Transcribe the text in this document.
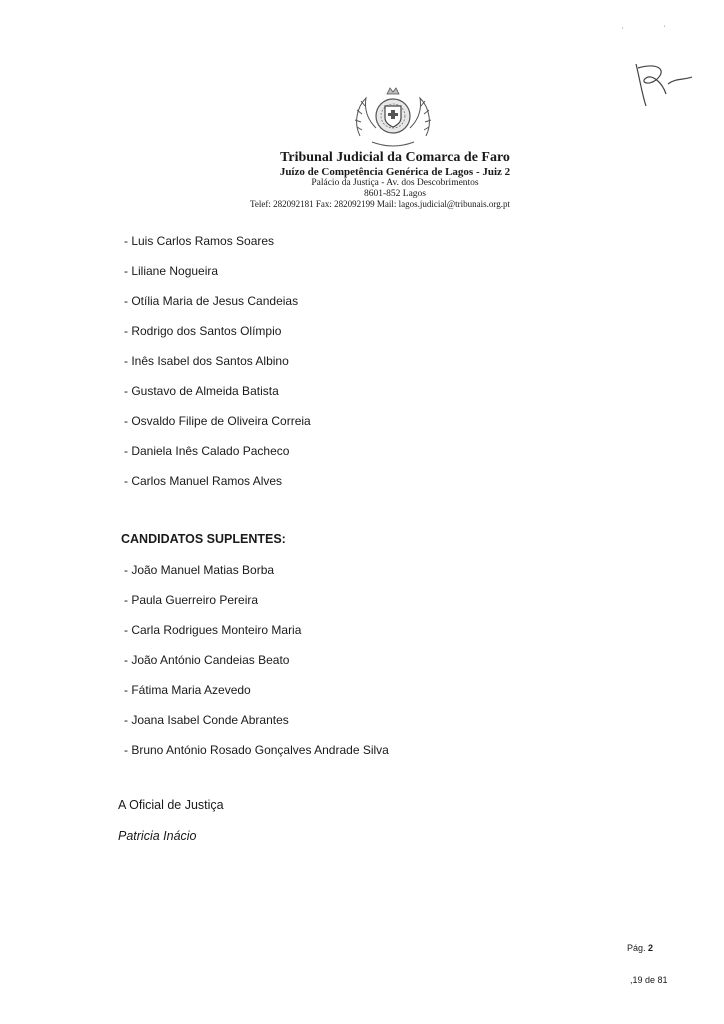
'	'
Tribunal Judicial da Comarca de Faro
Juízo de Competência Genérica de Lagos - Juiz 2
Palácio da Justiça - Av. dos Descobrimentos
8601-852 Lagos
Telef: 282092181 Fax: 282092199 Mail: lagos.judicial@tribunais.org.pt
- Luis Carlos Ramos Soares
- Liliane Nogueira
- Otília Maria de Jesus Candeias
- Rodrigo dos Santos Olímpio
- Inês Isabel dos Santos Albino
- Gustavo de Almeida Batista
- Osvaldo Filipe de Oliveira Correia
- Daniela Inês Calado Pacheco
- Carlos Manuel Ramos Alves
CANDIDATOS SUPLENTES:
- João Manuel Matias Borba
- Paula Guerreiro Pereira
- Carla Rodrigues Monteiro Maria
- João António Candeias Beato
- Fátima Maria Azevedo
- Joana Isabel Conde Abrantes
- Bruno António Rosado Gonçalves Andrade Silva
A Oficial de Justiça
Patricia Inácio
Pág. 2
,19 de 81
